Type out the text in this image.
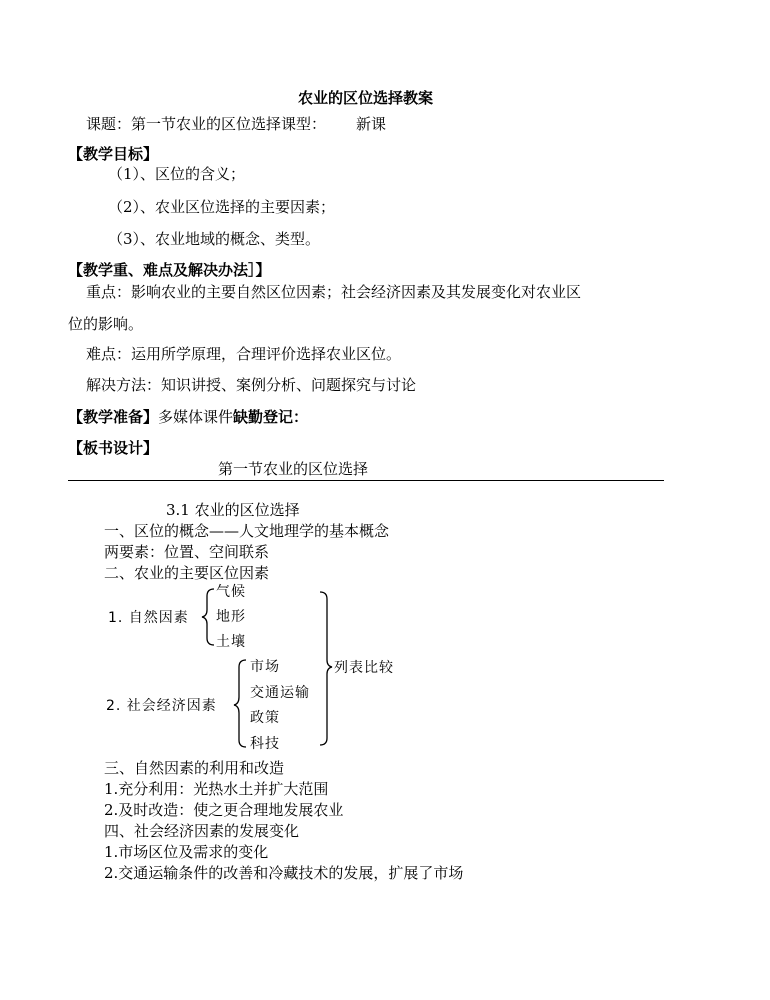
农业的区位选择教案
课题：第一节农业的区位选择课型： 新课
【教学目标】
（1）、区位的含义；
（2）、农业区位选择的主要因素；
（3）、农业地域的概念、类型。
【教学重、难点及解决办法］】
重点：影响农业的主要自然区位因素；社会经济因素及其发展变化对农业区
位的影响。
难点：运用所学原理，合理评价选择农业区位。
解决方法：知识讲授、案例分析、问题探究与讨论
【教学准备】多媒体课件缺勤登记：
【板书设计】
第一节农业的区位选择
3.1 农业的区位选择
一、区位的概念——人文地理学的基本概念
两要素：位置、空间联系
二、农业的主要区位因素
1. 自然因素
气候
地形
土壤
2. 社会经济因素
市场
交通运输
政策
科技
列表比较
三、自然因素的利用和改造
1.充分利用：光热水土并扩大范围
2.及时改造：使之更合理地发展农业
四、社会经济因素的发展变化
1.市场区位及需求的变化
2.交通运输条件的改善和冷藏技术的发展，扩展了市场
